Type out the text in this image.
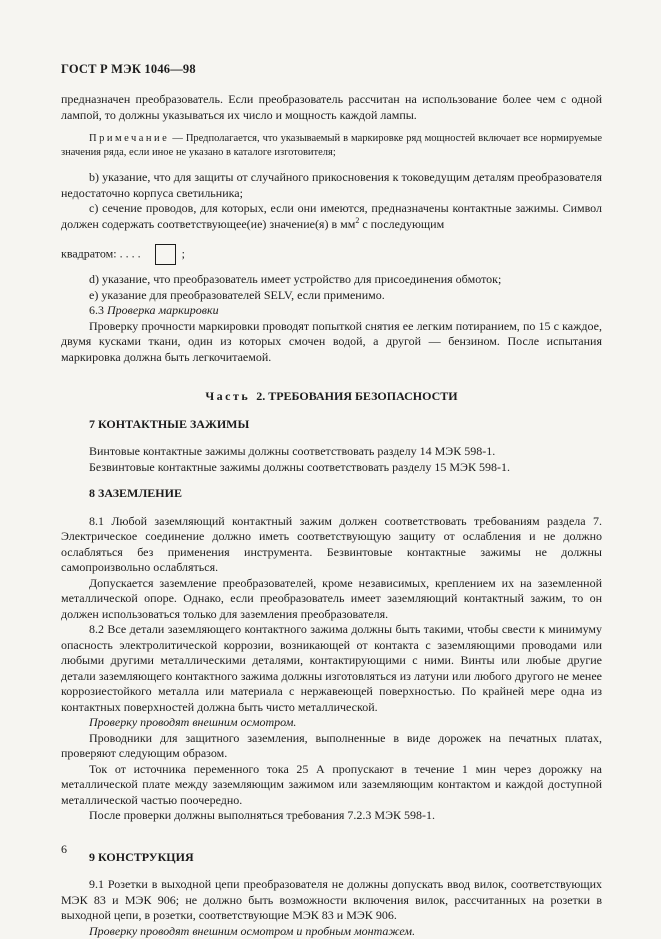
ГОСТ Р МЭК 1046—98

предназначен преобразователь. Если преобразователь рассчитан на использование более чем с одной лампой, то должны указываться их число и мощность каждой лампы.

Примечание — Предполагается, что указываемый в маркировке ряд мощностей включает все нормируемые значения ряда, если иное не указано в каталоге изготовителя;

b) указание, что для защиты от случайного прикосновения к токоведущим деталям преобразователя недостаточно корпуса светильника;

c) сечение проводов, для которых, если они имеются, предназначены контактные зажимы. Символ должен содержать соответствующее(ие) значение(я) в $мм^2$ с последующим

квадратом: . . . .	;

d) указание, что преобразователь имеет устройство для присоединения обмоток;

e) указание для преобразователей SELV, если применимо.

6.3 Проверка маркировки

Проверку прочности маркировки проводят попыткой снятия ее легким потиранием, по 15 с каждое, двумя кусками ткани, один из которых смочен водой, а другой — бензином. После испытания маркировка должна быть легкочитаемой.

Часть 2. ТРЕБОВАНИЯ БЕЗОПАСНОСТИ

7 КОНТАКТНЫЕ ЗАЖИМЫ

Винтовые контактные зажимы должны соответствовать разделу 14 МЭК 598-1.

Безвинтовые контактные зажимы должны соответствовать разделу 15 МЭК 598-1.

8 ЗАЗЕМЛЕНИЕ

8.1 Любой заземляющий контактный зажим должен соответствовать требованиям раздела 7. Электрическое соединение должно иметь соответствующую защиту от ослабления и не должно ослабляться без применения инструмента. Безвинтовые контактные зажимы не должны самопроизвольно ослабляться.

Допускается заземление преобразователей, кроме независимых, креплением их на заземленной металлической опоре. Однако, если преобразователь имеет заземляющий контактный зажим, то он должен использоваться только для заземления преобразователя.

8.2 Все детали заземляющего контактного зажима должны быть такими, чтобы свести к минимуму опасность электролитической коррозии, возникающей от контакта с заземляющими проводами или любыми другими металлическими деталями, контактирующими с ними. Винты или любые другие детали заземляющего контактного зажима должны изготовляться из латуни или любого другого не менее коррозиестойкого металла или материала с нержавеющей поверхностью. По крайней мере одна из контактных поверхностей должна быть чисто металлической.

Проверку проводят внешним осмотром.

Проводники для защитного заземления, выполненные в виде дорожек на печатных платах, проверяют следующим образом.

Ток от источника переменного тока 25 А пропускают в течение 1 мин через дорожку на металлической плате между заземляющим зажимом или заземляющим контактом и каждой доступной металлической частью поочередно.

После проверки должны выполняться требования 7.2.3 МЭК 598-1.

9 КОНСТРУКЦИЯ

9.1 Розетки в выходной цепи преобразователя не должны допускать ввод вилок, соответствующих МЭК 83 и МЭК 906; не должно быть возможности включения вилок, рассчитанных на розетки в выходной цепи, в розетки, соответствующие МЭК 83 и МЭК 906.

Проверку проводят внешним осмотром и пробным монтажем.

6
